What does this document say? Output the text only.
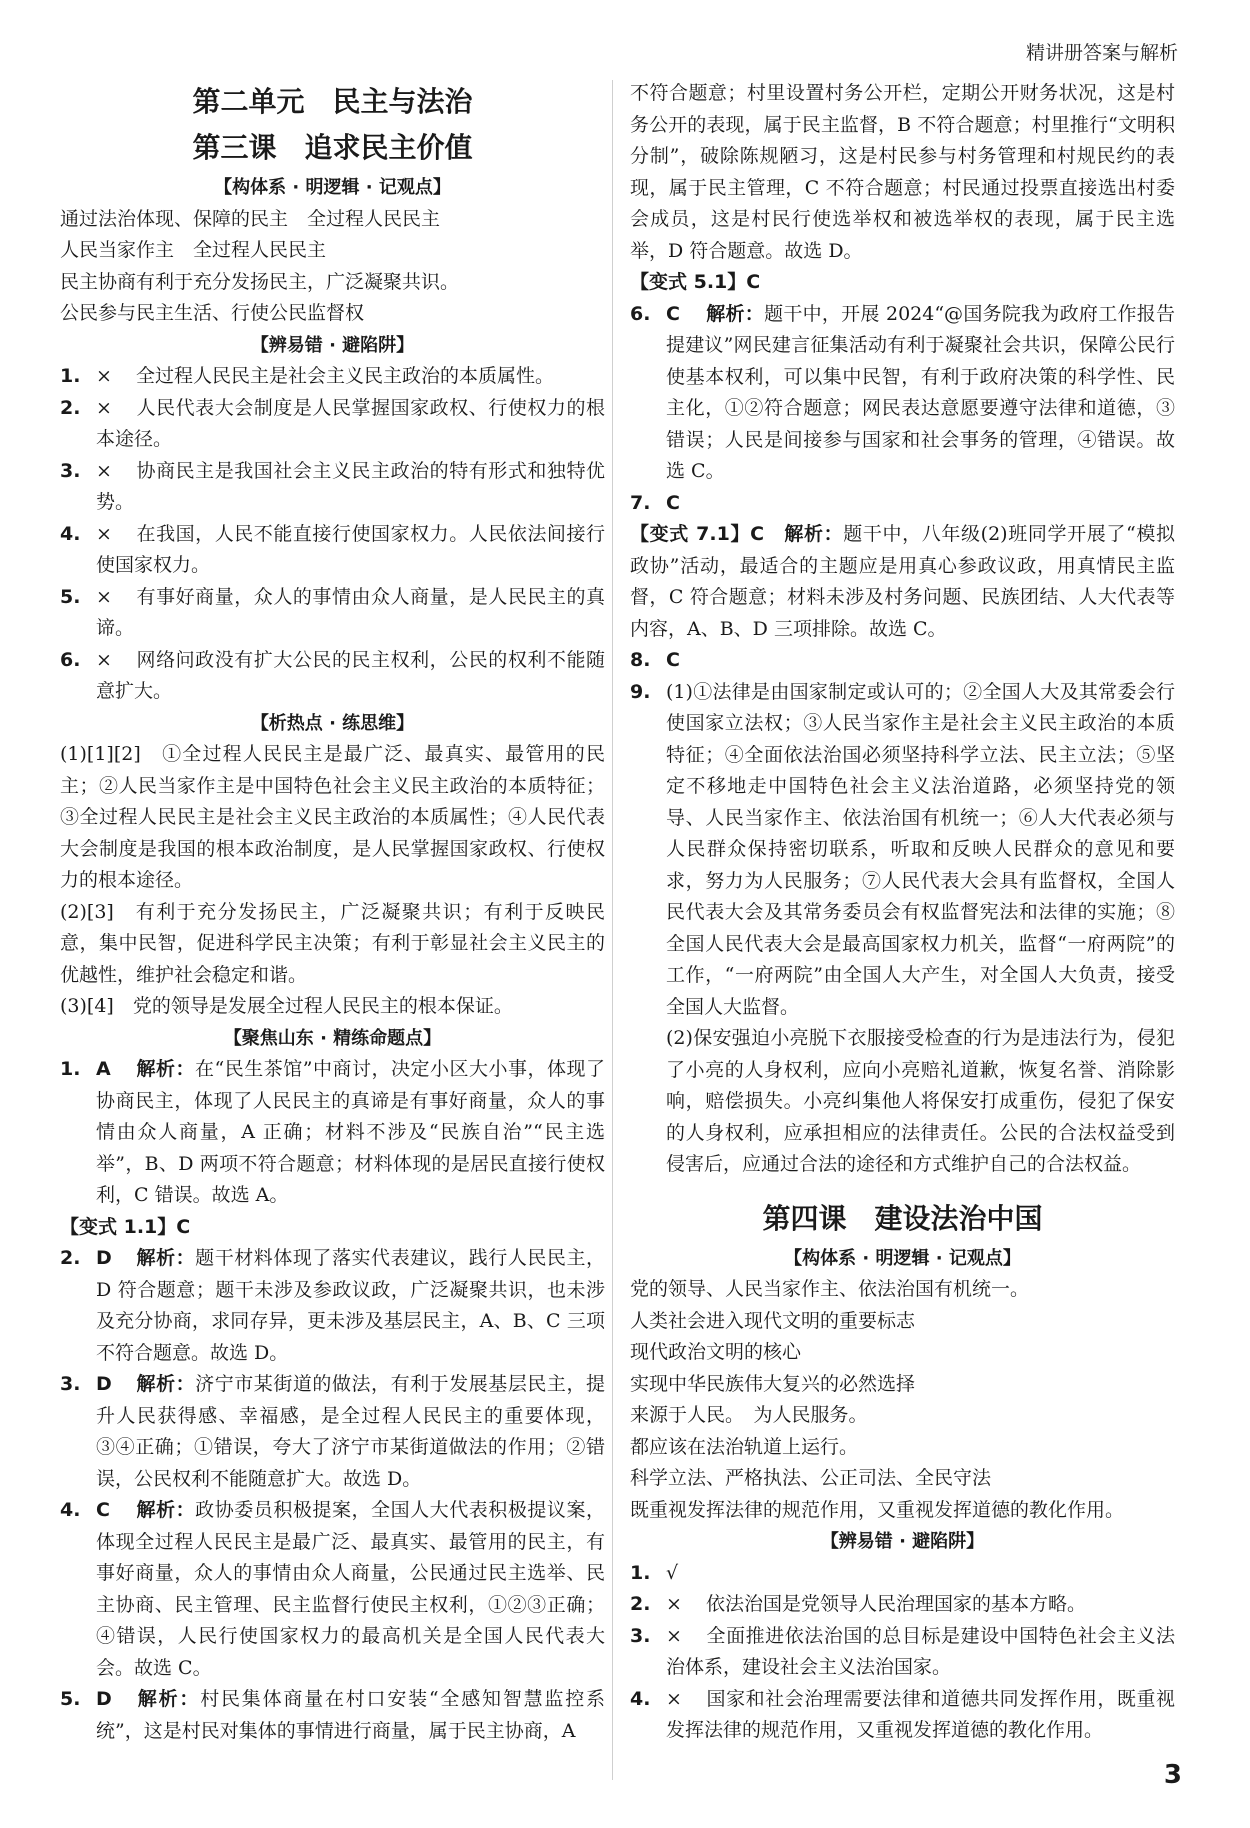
精讲册答案与解析
第二单元　民主与法治
第三课　追求民主价值
【构体系 · 明逻辑 · 记观点】
通过法治体现、保障的民主　全过程人民民主
人民当家作主　全过程人民民主
民主协商有利于充分发扬民主，广泛凝聚共识。
公民参与民主生活、行使公民监督权
【辨易错 · 避陷阱】
1. × 全过程人民民主是社会主义民主政治的本质属性。
2. × 人民代表大会制度是人民掌握国家政权、行使权力的根本途径。
3. × 协商民主是我国社会主义民主政治的特有形式和独特优势。
4. × 在我国，人民不能直接行使国家权力。人民依法间接行使国家权力。
5. × 有事好商量，众人的事情由众人商量，是人民民主的真谛。
6. × 网络问政没有扩大公民的民主权利，公民的权利不能随意扩大。
【析热点 · 练思维】
(1)[1][2]　①全过程人民民主是最广泛、最真实、最管用的民主；②人民当家作主是中国特色社会主义民主政治的本质特征；③全过程人民民主是社会主义民主政治的本质属性；④人民代表大会制度是我国的根本政治制度，是人民掌握国家政权、行使权力的根本途径。
(2)[3]　有利于充分发扬民主，广泛凝聚共识；有利于反映民意，集中民智，促进科学民主决策；有利于彰显社会主义民主的优越性，维护社会稳定和谐。
(3)[4]　党的领导是发展全过程人民民主的根本保证。
【聚焦山东 · 精练命题点】
1. A 解析：在“民生茶馆”中商讨，决定小区大小事，体现了协商民主，体现了人民民主的真谛是有事好商量，众人的事情由众人商量，A 正确；材料不涉及“民族自治”“民主选举”，B、D 两项不符合题意；材料体现的是居民直接行使权利，C 错误。故选 A。
【变式 1.1】C
2. D 解析：题干材料体现了落实代表建议，践行人民民主，D 符合题意；题干未涉及参政议政，广泛凝聚共识，也未涉及充分协商，求同存异，更未涉及基层民主，A、B、C 三项不符合题意。故选 D。
3. D 解析：济宁市某街道的做法，有利于发展基层民主，提升人民获得感、幸福感，是全过程人民民主的重要体现，③④正确；①错误，夸大了济宁市某街道做法的作用；②错误，公民权利不能随意扩大。故选 D。
4. C 解析：政协委员积极提案，全国人大代表积极提议案，体现全过程人民民主是最广泛、最真实、最管用的民主，有事好商量，众人的事情由众人商量，公民通过民主选举、民主协商、民主管理、民主监督行使民主权利，①②③正确；④错误，人民行使国家权力的最高机关是全国人民代表大会。故选 C。
5. D 解析：村民集体商量在村口安装“全感知智慧监控系统”，这是村民对集体的事情进行商量，属于民主协商，A
不符合题意；村里设置村务公开栏，定期公开财务状况，这是村务公开的表现，属于民主监督，B 不符合题意；村里推行“文明积分制”，破除陈规陋习，这是村民参与村务管理和村规民约的表现，属于民主管理，C 不符合题意；村民通过投票直接选出村委会成员，这是村民行使选举权和被选举权的表现，属于民主选举，D 符合题意。故选 D。
【变式 5.1】C
6. C 解析：题干中，开展 2024“@国务院我为政府工作报告提建议”网民建言征集活动有利于凝聚社会共识，保障公民行使基本权利，可以集中民智，有利于政府决策的科学性、民主化，①②符合题意；网民表达意愿要遵守法律和道德，③错误；人民是间接参与国家和社会事务的管理，④错误。故选 C。
7. C
【变式 7.1】C　 解析：题干中，八年级(2)班同学开展了“模拟政协”活动，最适合的主题应是用真心参政议政，用真情民主监督，C 符合题意；材料未涉及村务问题、民族团结、人大代表等内容，A、B、D 三项排除。故选 C。
8. C
9. (1)①法律是由国家制定或认可的；②全国人大及其常委会行使国家立法权；③人民当家作主是社会主义民主政治的本质特征；④全面依法治国必须坚持科学立法、民主立法；⑤坚定不移地走中国特色社会主义法治道路，必须坚持党的领导、人民当家作主、依法治国有机统一；⑥人大代表必须与人民群众保持密切联系，听取和反映人民群众的意见和要求，努力为人民服务；⑦人民代表大会具有监督权，全国人民代表大会及其常务委员会有权监督宪法和法律的实施；⑧全国人民代表大会是最高国家权力机关，监督“一府两院”的工作，“一府两院”由全国人大产生，对全国人大负责，接受全国人大监督。
(2)保安强迫小亮脱下衣服接受检查的行为是违法行为，侵犯了小亮的人身权利，应向小亮赔礼道歉，恢复名誉、消除影响，赔偿损失。小亮纠集他人将保安打成重伤，侵犯了保安的人身权利，应承担相应的法律责任。公民的合法权益受到侵害后，应通过合法的途径和方式维护自己的合法权益。
第四课　建设法治中国
【构体系 · 明逻辑 · 记观点】
党的领导、人民当家作主、依法治国有机统一。
人类社会进入现代文明的重要标志
现代政治文明的核心
实现中华民族伟大复兴的必然选择
来源于人民。　为人民服务。
都应该在法治轨道上运行。
科学立法、严格执法、公正司法、全民守法
既重视发挥法律的规范作用，又重视发挥道德的教化作用。
【辨易错 · 避陷阱】
1. √
2. × 依法治国是党领导人民治理国家的基本方略。
3. × 全面推进依法治国的总目标是建设中国特色社会主义法治体系，建设社会主义法治国家。
4. × 国家和社会治理需要法律和道德共同发挥作用，既重视发挥法律的规范作用，又重视发挥道德的教化作用。
3
